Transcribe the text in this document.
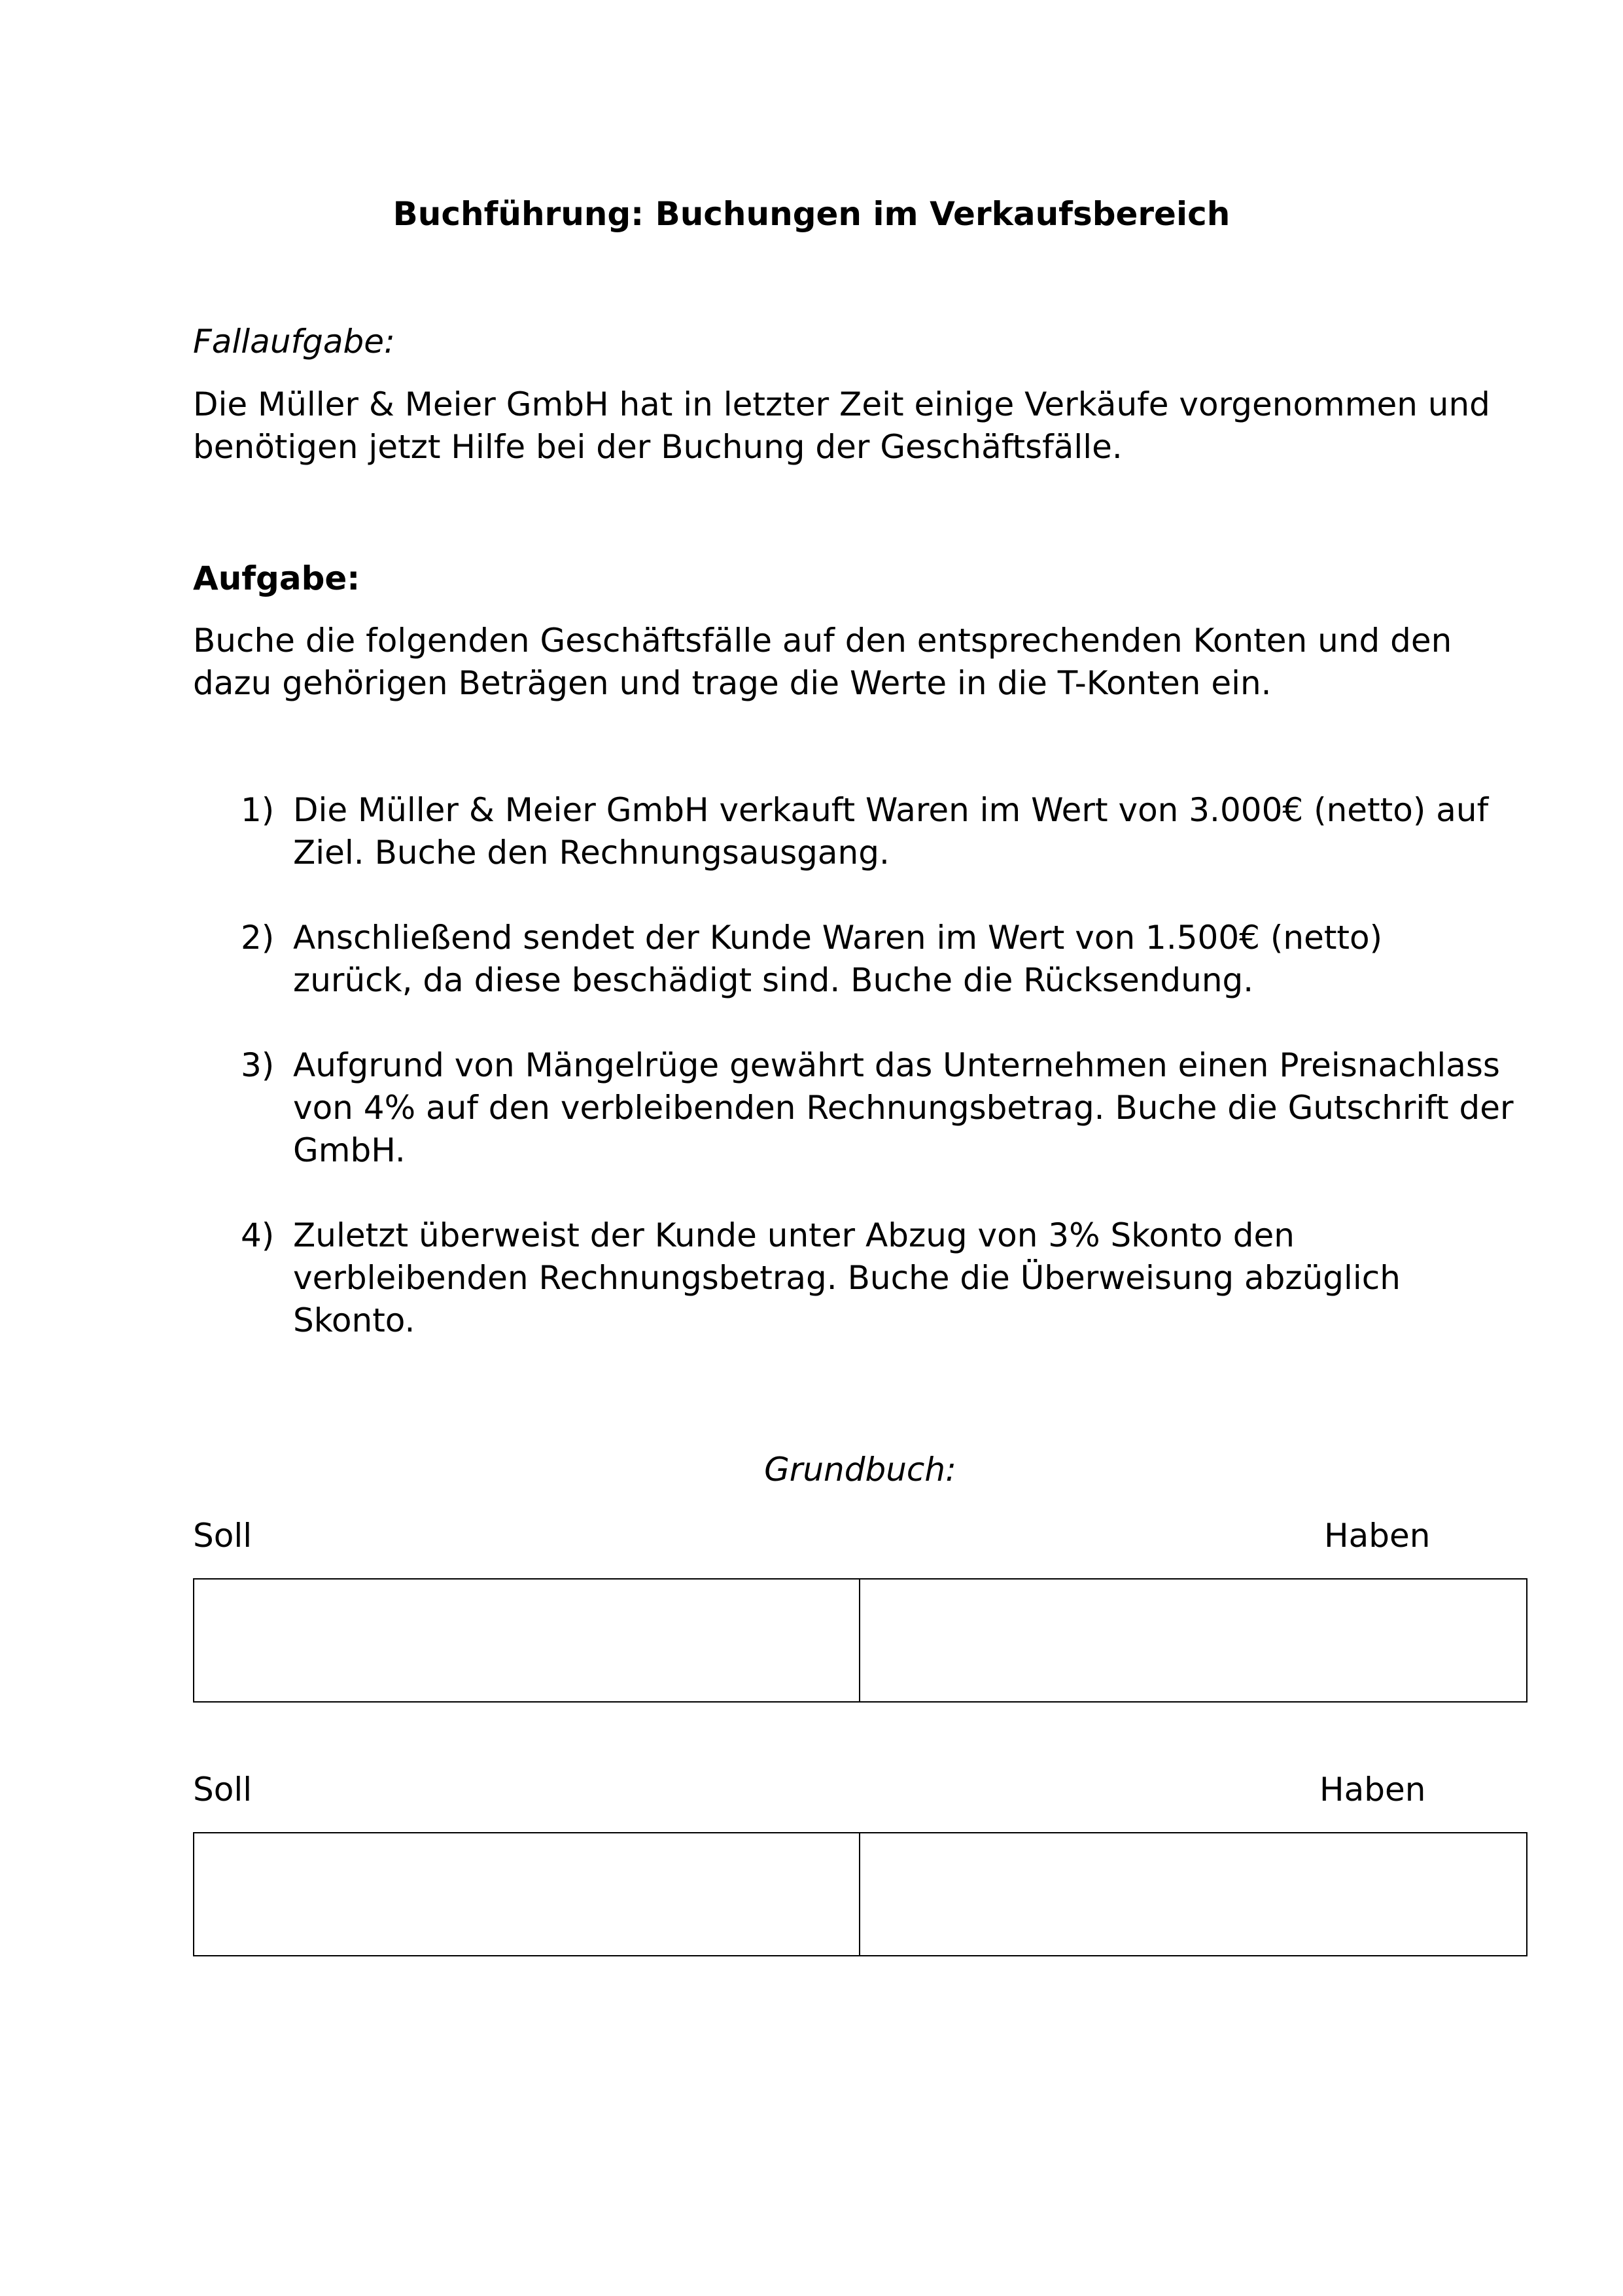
Buchführung: Buchungen im Verkaufsbereich
Fallaufgabe:
Die Müller & Meier GmbH hat in letzter Zeit einige Verkäufe vorgenommen und
benötigen jetzt Hilfe bei der Buchung der Geschäftsfälle.
Aufgabe:
Buche die folgenden Geschäftsfälle auf den entsprechenden Konten und den
dazu gehörigen Beträgen und trage die Werte in die T-Konten ein.
1) Die Müller & Meier GmbH verkauft Waren im Wert von 3.000€ (netto) auf
Ziel. Buche den Rechnungsausgang.
2) Anschließend sendet der Kunde Waren im Wert von 1.500€ (netto)
zurück, da diese beschädigt sind. Buche die Rücksendung.
3) Aufgrund von Mängelrüge gewährt das Unternehmen einen Preisnachlass
von 4% auf den verbleibenden Rechnungsbetrag. Buche die Gutschrift der
GmbH.
4) Zuletzt überweist der Kunde unter Abzug von 3% Skonto den
verbleibenden Rechnungsbetrag. Buche die Überweisung abzüglich
Skonto.
Grundbuch:
Soll	Haben
Soll	Haben
